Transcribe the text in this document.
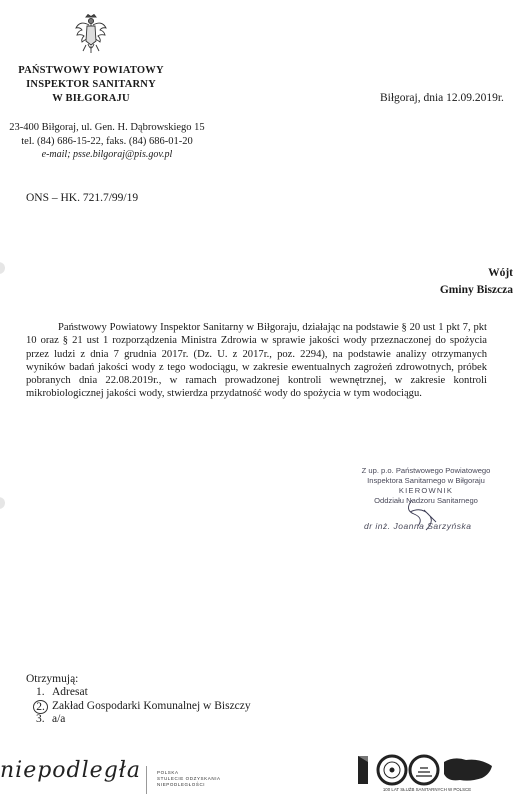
PAŃSTWOWY POWIATOWY
INSPEKTOR SANITARNY
W BIŁGORAJU	Biłgoraj, dnia 12.09.2019r.
23-400 Biłgoraj, ul. Gen. H. Dąbrowskiego 15
tel. (84) 686-15-22, faks. (84) 686-01-20
e-mail; psse.bilgoraj@pis.gov.pl
ONS – HK. 721.7/99/19
Wójt
Gminy Biszcza
Państwowy Powiatowy Inspektor Sanitarny w Biłgoraju, działając na podstawie § 20 ust 1 pkt 7, pkt 10 oraz § 21 ust 1 rozporządzenia Ministra Zdrowia w sprawie jakości wody przeznaczonej do spożycia przez ludzi z dnia 7 grudnia 2017r. (Dz. U. z 2017r., poz. 2294), na podstawie analizy otrzymanych wyników badań jakości wody z tego wodociągu, w zakresie ewentualnych zagrożeń zdrowotnych, próbek pobranych dnia 22.08.2019r., w ramach prowadzonej kontroli wewnętrznej, w zakresie kontroli mikrobiologicznej jakości wody, stwierdza przydatność wody do spożycia w tym wodociągu.
Z up. p.o. Państwowego Powiatowego
Inspektora Sanitarnego w Biłgoraju
KIEROWNIK
Oddziału Nadzoru Sanitarnego
dr inż. Joanna Sarzyńska
Otrzymują:
1. Adresat
2. Zakład Gospodarki Komunalnej w Biszczy
3. a/a
niepodległa	POLSKA
STULECIE ODZYSKANIA
NIEPODLEGŁOŚCI
100 LAT SŁUŻB SANITARNYCH W POLSCE
